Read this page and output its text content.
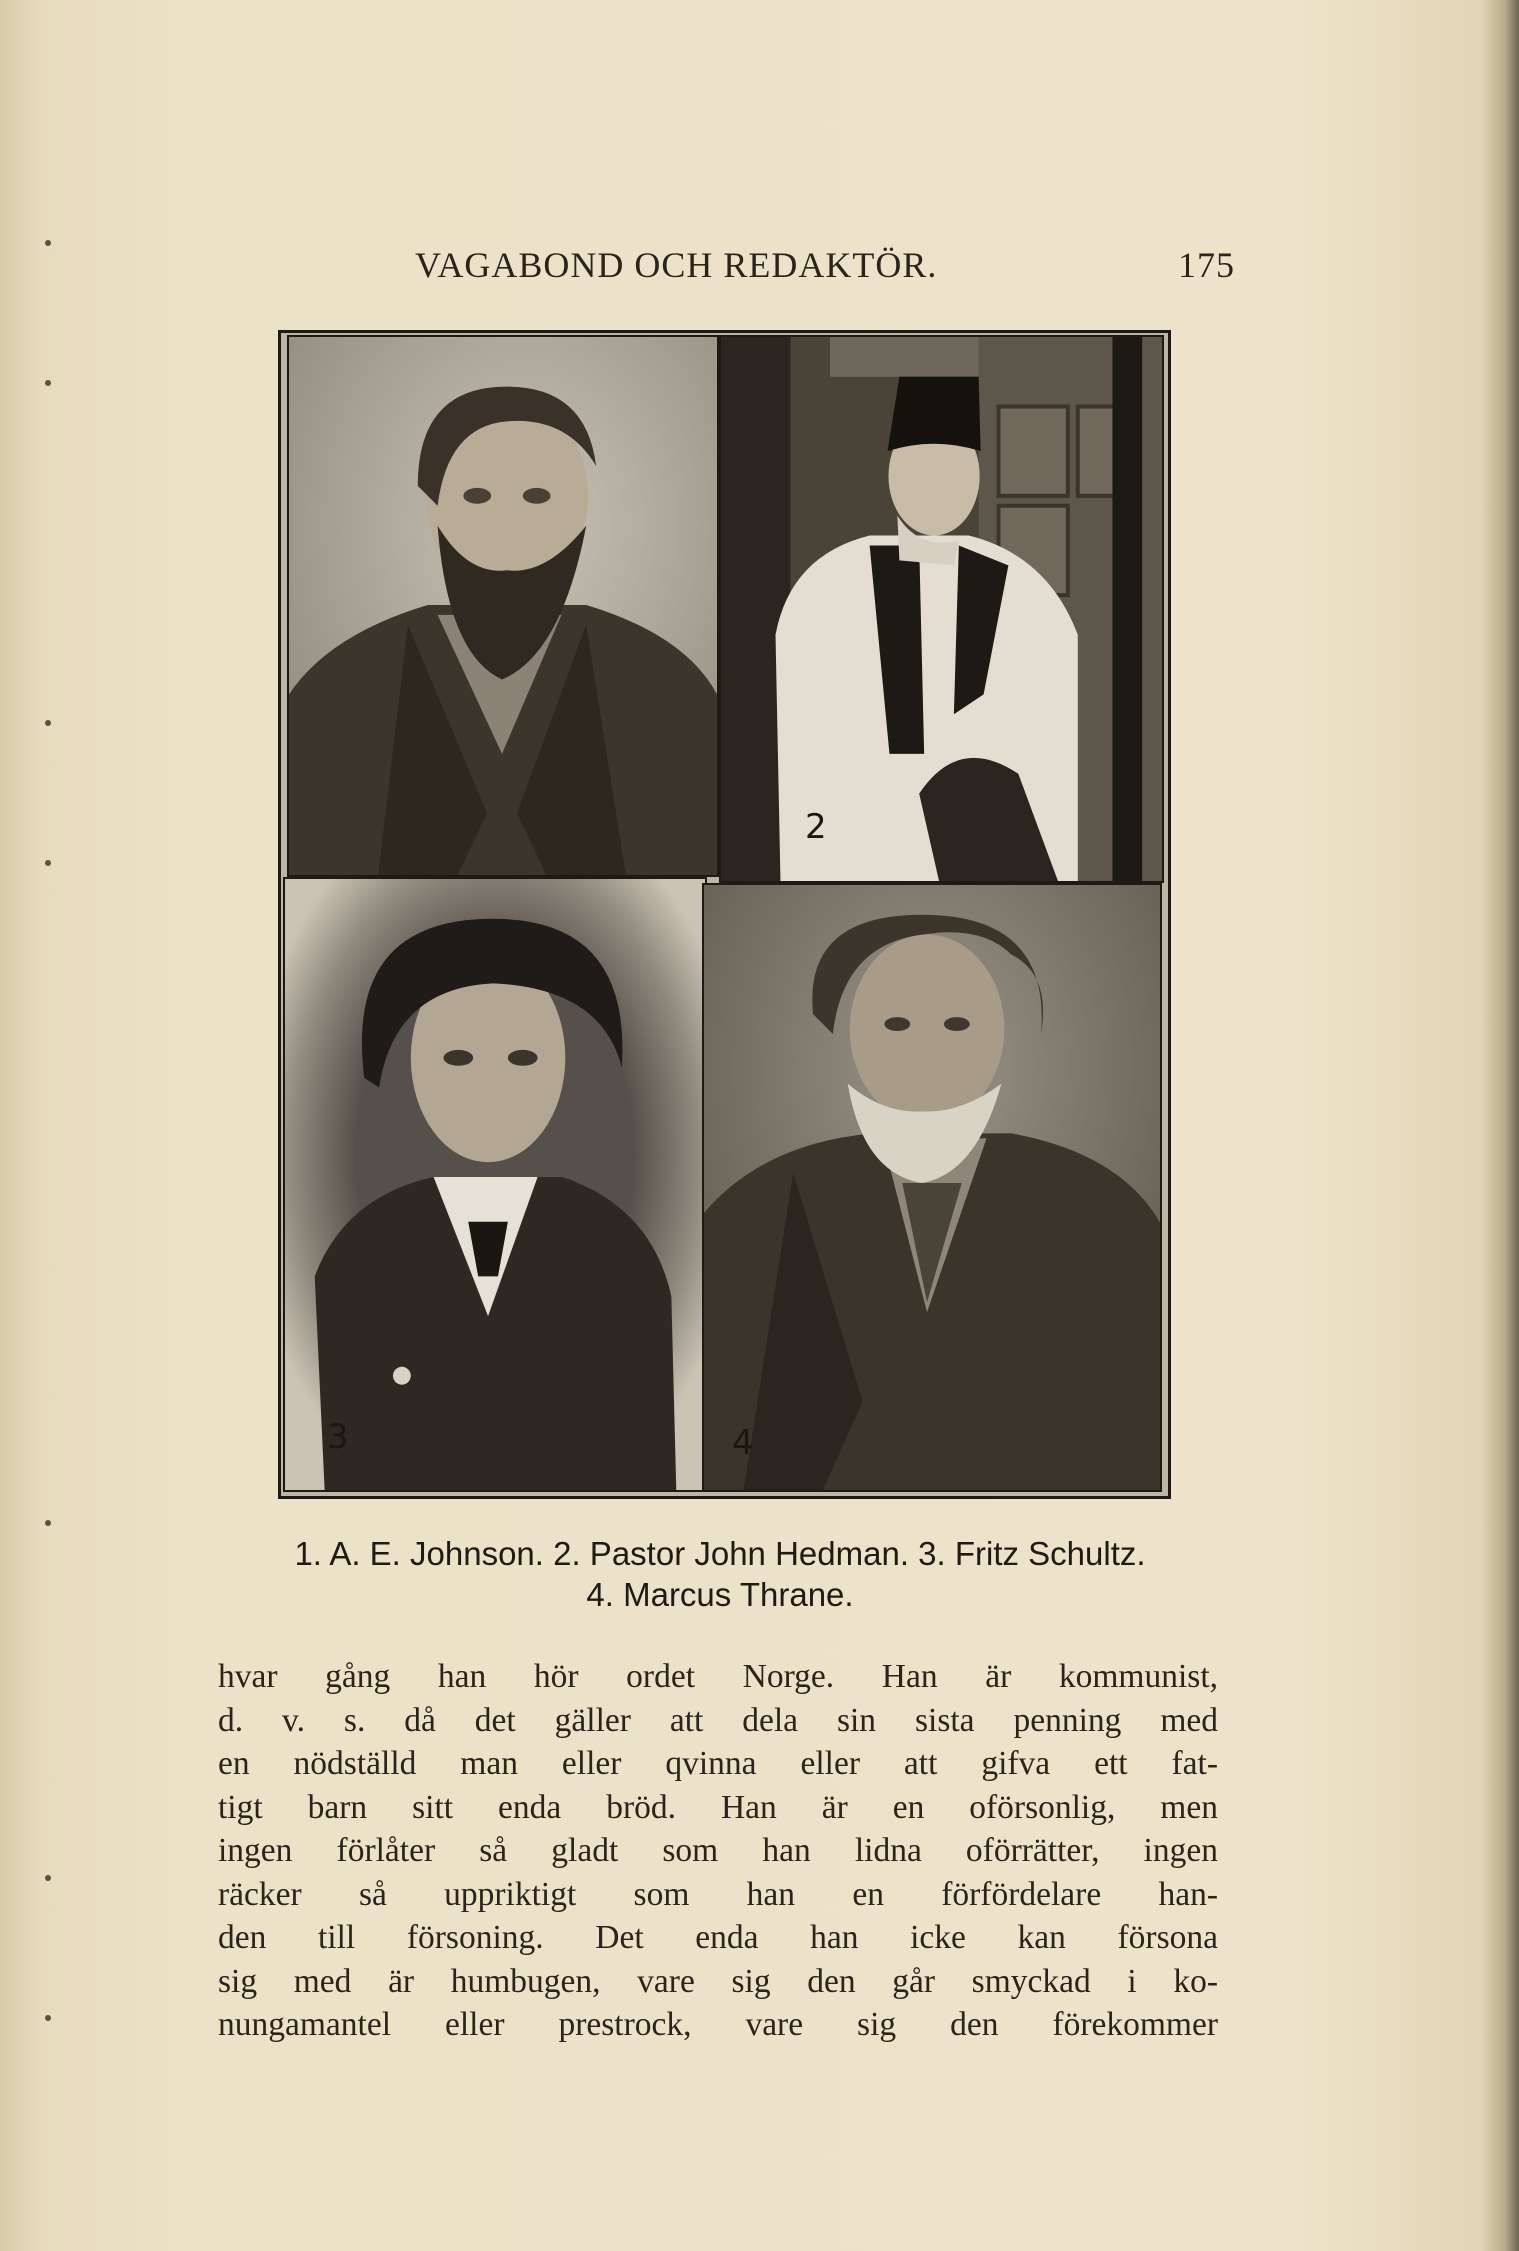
VAGABOND OCH REDAKTÖR.	175
2
3	4
1. A. E. Johnson. 2. Pastor John Hedman. 3. Fritz Schultz.
4. Marcus Thrane.
hvar gång han hör ordet Norge. Han är kommunist,
d. v. s. då det gäller att dela sin sista penning med
en nödställd man eller qvinna eller att gifva ett fat-
tigt barn sitt enda bröd. Han är en oförsonlig, men
ingen förlåter så gladt som han lidna oförrätter, ingen
räcker så uppriktigt som han en förfördelare han-
den till försoning. Det enda han icke kan försona
sig med är humbugen, vare sig den går smyckad i ko-
nungamantel eller prestrock, vare sig den förekommer
